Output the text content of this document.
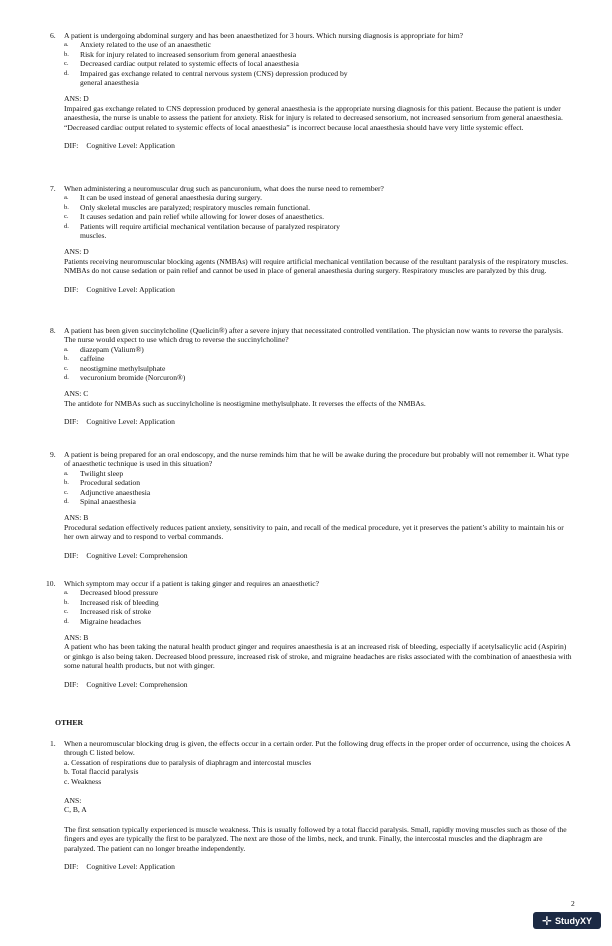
6. A patient is undergoing abdominal surgery and has been anaesthetized for 3 hours. Which nursing diagnosis is appropriate for him?
a. Anxiety related to the use of an anaesthetic
b. Risk for injury related to increased sensorium from general anaesthesia
c. Decreased cardiac output related to systemic effects of local anaesthesia
d. Impaired gas exchange related to central nervous system (CNS) depression produced by general anaesthesia
ANS: D
Impaired gas exchange related to CNS depression produced by general anaesthesia is the appropriate nursing diagnosis for this patient. Because the patient is under anaesthesia, the nurse is unable to assess the patient for anxiety. Risk for injury is related to decreased sensorium, not increased sensorium from general anaesthesia. “Decreased cardiac output related to systemic effects of local anaesthesia” is incorrect because local anaesthesia should have very little systemic effect.
DIF: Cognitive Level: Application
7. When administering a neuromuscular drug such as pancuronium, what does the nurse need to remember?
a. It can be used instead of general anaesthesia during surgery.
b. Only skeletal muscles are paralyzed; respiratory muscles remain functional.
c. It causes sedation and pain relief while allowing for lower doses of anaesthetics.
d. Patients will require artificial mechanical ventilation because of paralyzed respiratory muscles.
ANS: D
Patients receiving neuromuscular blocking agents (NMBAs) will require artificial mechanical ventilation because of the resultant paralysis of the respiratory muscles. NMBAs do not cause sedation or pain relief and cannot be used in place of general anaesthesia during surgery. Respiratory muscles are paralyzed by this drug.
DIF: Cognitive Level: Application
8. A patient has been given succinylcholine (Quelicin®) after a severe injury that necessitated controlled ventilation. The physician now wants to reverse the paralysis. The nurse would expect to use which drug to reverse the succinylcholine?
a. diazepam (Valium®)
b. caffeine
c. neostigmine methylsulphate
d. vecuronium bromide (Norcuron®)
ANS: C
The antidote for NMBAs such as succinylcholine is neostigmine methylsulphate. It reverses the effects of the NMBAs.
DIF: Cognitive Level: Application
9. A patient is being prepared for an oral endoscopy, and the nurse reminds him that he will be awake during the procedure but probably will not remember it. What type of anaesthetic technique is used in this situation?
a. Twilight sleep
b. Procedural sedation
c. Adjunctive anaesthesia
d. Spinal anaesthesia
ANS: B
Procedural sedation effectively reduces patient anxiety, sensitivity to pain, and recall of the medical procedure, yet it preserves the patient’s ability to maintain his or her own airway and to respond to verbal commands.
DIF: Cognitive Level: Comprehension
10. Which symptom may occur if a patient is taking ginger and requires an anaesthetic?
a. Decreased blood pressure
b. Increased risk of bleeding
c. Increased risk of stroke
d. Migraine headaches
ANS: B
A patient who has been taking the natural health product ginger and requires anaesthesia is at an increased risk of bleeding, especially if acetylsalicylic acid (Aspirin) or ginkgo is also being taken. Decreased blood pressure, increased risk of stroke, and migraine headaches are risks associated with the combination of anaesthesia with some natural health products, but not with ginger.
DIF: Cognitive Level: Comprehension
OTHER
1. When a neuromuscular blocking drug is given, the effects occur in a certain order. Put the following drug effects in the proper order of occurrence, using the choices A through C listed below.
a. Cessation of respirations due to paralysis of diaphragm and intercostal muscles
b. Total flaccid paralysis
c. Weakness
ANS:
C, B, A
The first sensation typically experienced is muscle weakness. This is usually followed by a total flaccid paralysis. Small, rapidly moving muscles such as those of the fingers and eyes are typically the first to be paralyzed. The next are those of the limbs, neck, and trunk. Finally, the intercostal muscles and the diaphragm are paralyzed. The patient can no longer breathe independently.
DIF: Cognitive Level: Application
2
✛ StudyXY
